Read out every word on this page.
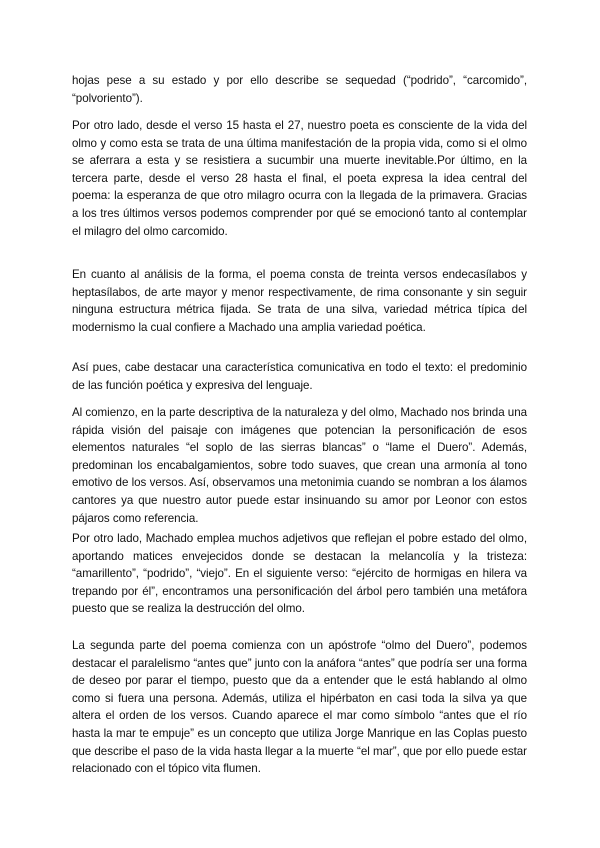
hojas pese a su estado y por ello describe se sequedad (“podrido”, “carcomido”, “polvoriento”).

Por otro lado, desde el verso 15 hasta el 27, nuestro poeta es consciente de la vida del olmo y como esta se trata de una última manifestación de la propia vida, como si el olmo se aferrara a esta y se resistiera a sucumbir una muerte inevitable.Por último, en la tercera parte, desde el verso 28 hasta el final, el poeta expresa la idea central del poema: la esperanza de que otro milagro ocurra con la llegada de la primavera. Gracias a los tres últimos versos podemos comprender por qué se emocionó tanto al contemplar el milagro del olmo carcomido.

En cuanto al análisis de la forma, el poema consta de treinta versos endecasílabos y heptasílabos, de arte mayor y menor respectivamente, de rima consonante y sin seguir ninguna estructura métrica fijada. Se trata de una silva, variedad métrica típica del modernismo la cual confiere a Machado una amplia variedad poética.

Así pues, cabe destacar una característica comunicativa en todo el texto: el predominio de las función poética y expresiva del lenguaje.

Al comienzo, en la parte descriptiva de la naturaleza y del olmo, Machado nos brinda una rápida visión del paisaje con imágenes que potencian la personificación de esos elementos naturales “el soplo de las sierras blancas” o “lame el Duero”. Además, predominan los encabalgamientos, sobre todo suaves, que crean una armonía al tono emotivo de los versos. Así, observamos una metonimia cuando se nombran a los álamos cantores ya que nuestro autor puede estar insinuando su amor por Leonor con estos pájaros como referencia.

Por otro lado, Machado emplea muchos adjetivos que reflejan el pobre estado del olmo, aportando matices envejecidos donde se destacan la melancolía y la tristeza: “amarillento”, “podrido”, “viejo”. En el siguiente verso: “ejército de hormigas en hilera va trepando por él”, encontramos una personificación del árbol pero también una metáfora puesto que se realiza la destrucción del olmo.

La segunda parte del poema comienza con un apóstrofe “olmo del Duero”, podemos destacar el paralelismo “antes que” junto con la anáfora “antes” que podría ser una forma de deseo por parar el tiempo, puesto que da a entender que le está hablando al olmo como si fuera una persona. Además, utiliza el hipérbaton en casi toda la silva ya que altera el orden de los versos. Cuando aparece el mar como símbolo “antes que el río hasta la mar te empuje” es un concepto que utiliza Jorge Manrique en las Coplas puesto que describe el paso de la vida hasta llegar a la muerte “el mar”, que por ello puede estar relacionado con el tópico vita flumen.
